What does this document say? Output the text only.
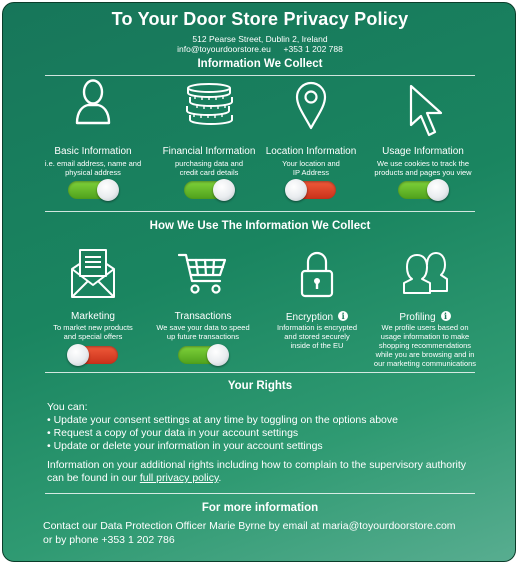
To Your Door Store Privacy Policy
512 Pearse Street, Dublin 2, Ireland
info@toyourdoorstore.eu +353 1 202 788
Information We Collect
Basic Information
i.e. email address, name and
physical address
Financial Information
purchasing data and
credit card details
Location Information
Your location and
IP Address
Usage Information
We use cookies to track the
products and pages you view
How We Use The Information We Collect
Marketing
To market new products
and special offers
Transactions
We save your data to speed
up future transactions
Encryption i
Information is encrypted
and stored securely
inside of the EU
Profiling i
We profile users based on
usage information to make
shopping recommendations
while you are browsing and in
our marketing communications
Your Rights
You can:
• Update your consent settings at any time by toggling on the options above
• Request a copy of your data in your account settings
• Update or delete your information in your account settings
Information on your additional rights including how to complain to the supervisory authority
can be found in our full privacy policy.
For more information
Contact our Data Protection Officer Marie Byrne by email at maria@toyourdoorstore.com
or by phone +353 1 202 786
